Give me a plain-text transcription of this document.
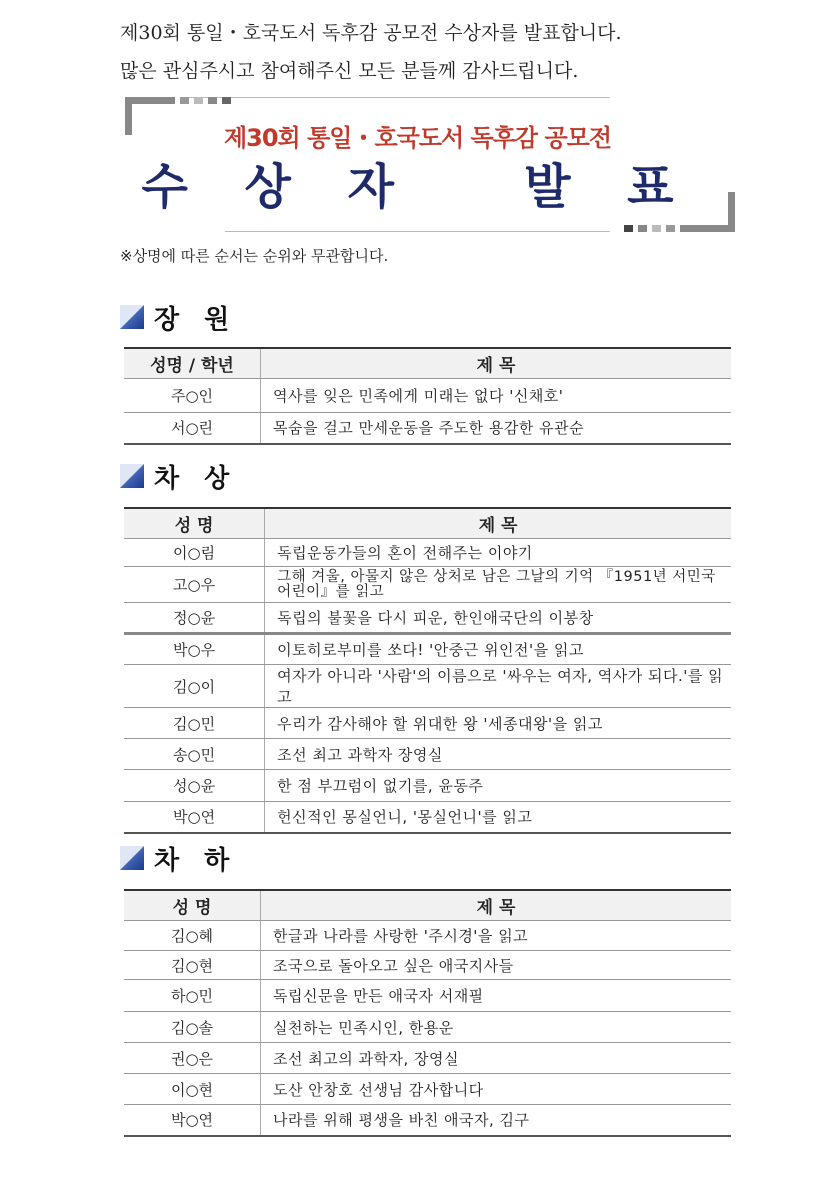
제30회 통일・호국도서 독후감 공모전 수상자를 발표합니다.
많은 관심주시고 참여해주신 모든 분들께 감사드립니다.
제30회 통일・호국도서 독후감 공모전
수 상 자   발 표
※상명에 따른 순서는 순위와 무관합니다.
장 원
성명 / 학년	제 목
주○인	역사를 잊은 민족에게 미래는 없다 '신채호'
서○린	목숨을 걸고 만세운동을 주도한 용감한 유관순
차 상
성 명	제 목
이○림	독립운동가들의 혼이 전해주는 이야기
고○우	그해 겨울, 아물지 않은 상처로 남은 그날의 기억 『1951년 서민국 어린이』를 읽고
정○윤	독립의 불꽃을 다시 피운, 한인애국단의 이봉창
박○우	이토히로부미를 쏘다! '안중근 위인전'을 읽고
김○이	여자가 아니라 '사람'의 이름으로 '싸우는 여자, 역사가 되다.'를 읽고
김○민	우리가 감사해야 할 위대한 왕 '세종대왕'을 읽고
송○민	조선 최고 과학자 장영실
성○윤	한 점 부끄럼이 없기를, 윤동주
박○연	헌신적인 몽실언니, '몽실언니'를 읽고
차 하
성 명	제 목
김○혜	한글과 나라를 사랑한 '주시경'을 읽고
김○현	조국으로 돌아오고 싶은 애국지사들
하○민	독립신문을 만든 애국자 서재필
김○솔	실천하는 민족시인, 한용운
권○은	조선 최고의 과학자, 장영실
이○현	도산 안창호 선생님 감사합니다
박○연	나라를 위해 평생을 바친 애국자, 김구
